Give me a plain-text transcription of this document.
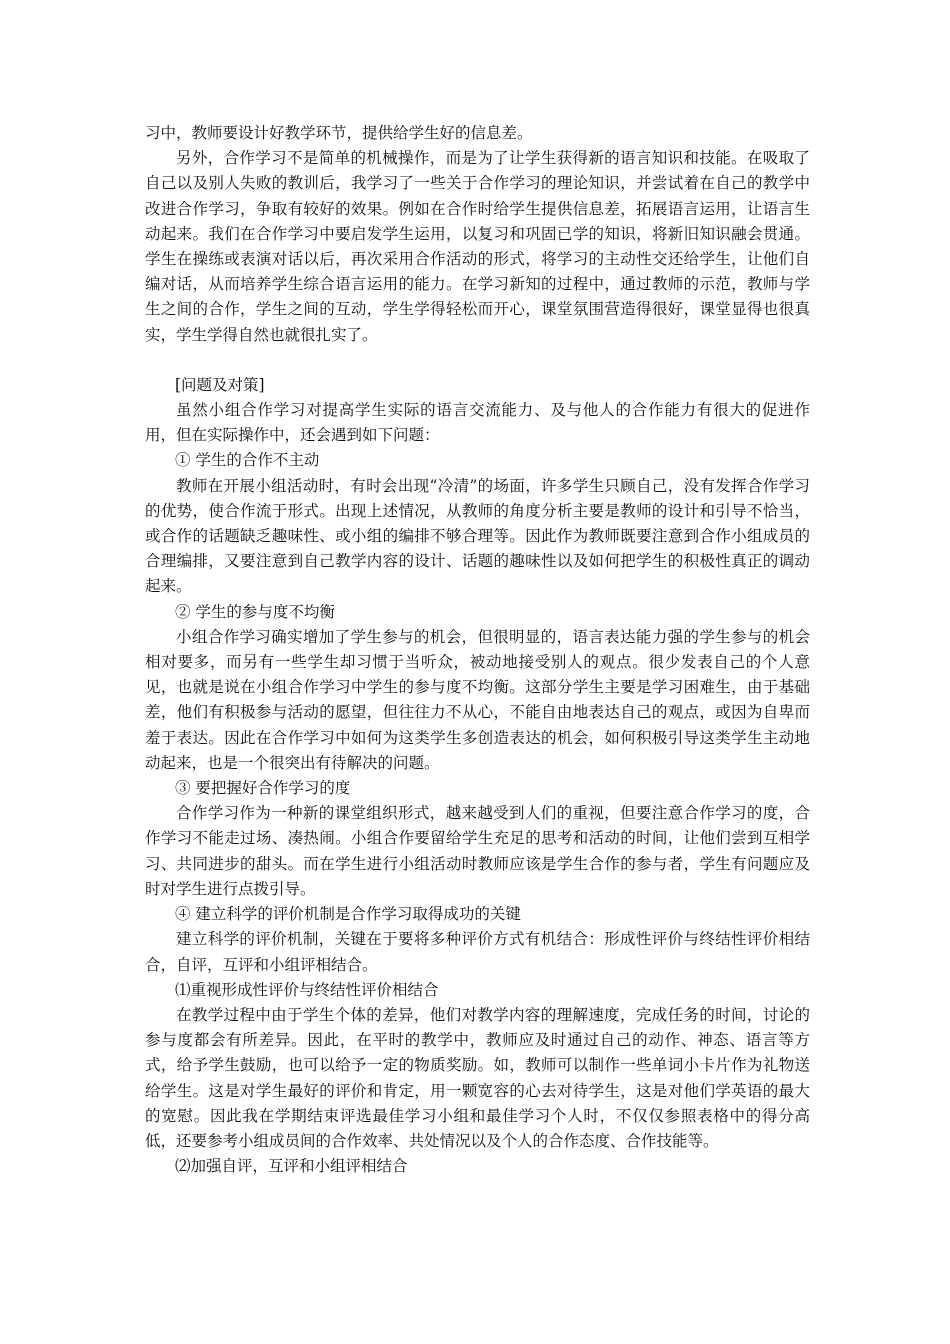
习中，教师要设计好教学环节，提供给学生好的信息差。

另外，合作学习不是简单的机械操作，而是为了让学生获得新的语言知识和技能。在吸取了自己以及别人失败的教训后，我学习了一些关于合作学习的理论知识，并尝试着在自己的教学中改进合作学习，争取有较好的效果。例如在合作时给学生提供信息差，拓展语言运用，让语言生动起来。我们在合作学习中要启发学生运用，以复习和巩固已学的知识，将新旧知识融会贯通。学生在操练或表演对话以后，再次采用合作活动的形式，将学习的主动性交还给学生，让他们自编对话，从而培养学生综合语言运用的能力。在学习新知的过程中，通过教师的示范，教师与学生之间的合作，学生之间的互动，学生学得轻松而开心，课堂氛围营造得很好，课堂显得也很真实，学生学得自然也就很扎实了。

[问题及对策]

虽然小组合作学习对提高学生实际的语言交流能力、及与他人的合作能力有很大的促进作用，但在实际操作中，还会遇到如下问题：

① 学生的合作不主动

教师在开展小组活动时，有时会出现“冷清”的场面，许多学生只顾自己，没有发挥合作学习的优势，使合作流于形式。出现上述情况，从教师的角度分析主要是教师的设计和引导不恰当，或合作的话题缺乏趣味性、或小组的编排不够合理等。因此作为教师既要注意到合作小组成员的合理编排，又要注意到自己教学内容的设计、话题的趣味性以及如何把学生的积极性真正的调动起来。

② 学生的参与度不均衡

小组合作学习确实增加了学生参与的机会，但很明显的，语言表达能力强的学生参与的机会相对要多，而另有一些学生却习惯于当听众，被动地接受别人的观点。很少发表自己的个人意见，也就是说在小组合作学习中学生的参与度不均衡。这部分学生主要是学习困难生，由于基础差，他们有积极参与活动的愿望，但往往力不从心，不能自由地表达自己的观点，或因为自卑而羞于表达。因此在合作学习中如何为这类学生多创造表达的机会，如何积极引导这类学生主动地动起来，也是一个很突出有待解决的问题。

③ 要把握好合作学习的度

合作学习作为一种新的课堂组织形式，越来越受到人们的重视，但要注意合作学习的度，合作学习不能走过场、凑热闹。小组合作要留给学生充足的思考和活动的时间，让他们尝到互相学习、共同进步的甜头。而在学生进行小组活动时教师应该是学生合作的参与者，学生有问题应及时对学生进行点拨引导。

④ 建立科学的评价机制是合作学习取得成功的关键

建立科学的评价机制，关键在于要将多种评价方式有机结合：形成性评价与终结性评价相结合，自评，互评和小组评相结合。

⑴重视形成性评价与终结性评价相结合

在教学过程中由于学生个体的差异，他们对教学内容的理解速度，完成任务的时间，讨论的参与度都会有所差异。因此，在平时的教学中，教师应及时通过自己的动作、神态、语言等方式，给予学生鼓励，也可以给予一定的物质奖励。如，教师可以制作一些单词小卡片作为礼物送给学生。这是对学生最好的评价和肯定，用一颗宽容的心去对待学生，这是对他们学英语的最大的宽慰。因此我在学期结束评选最佳学习小组和最佳学习个人时，不仅仅参照表格中的得分高低，还要参考小组成员间的合作效率、共处情况以及个人的合作态度、合作技能等。

⑵加强自评，互评和小组评相结合
